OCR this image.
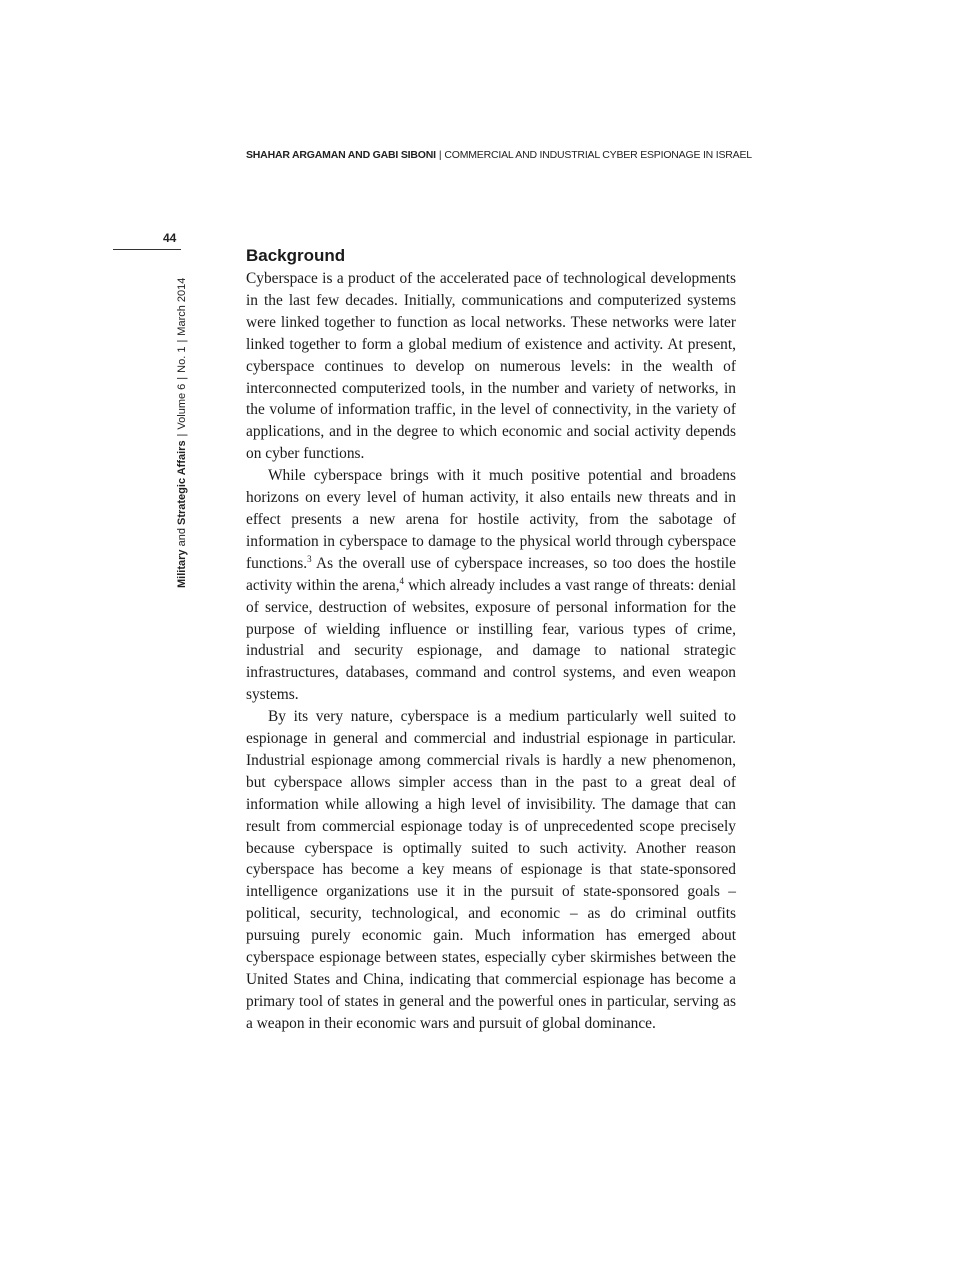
SHAHAR ARGAMAN AND GABI SIBONI | COMMERCIAL AND INDUSTRIAL CYBER ESPIONAGE IN ISRAEL
44
Military and Strategic Affairs|Volume 6|No. 1|March 2014
Background

Cyberspace is a product of the accelerated pace of technological developments in the last few decades. Initially, communications and computerized systems were linked together to function as local networks. These networks were later linked together to form a global medium of existence and activity. At present, cyberspace continues to develop on numerous levels: in the wealth of interconnected computerized tools, in the number and variety of networks, in the volume of information traffic, in the level of connectivity, in the variety of applications, and in the degree to which economic and social activity depends on cyber functions.

While cyberspace brings with it much positive potential and broadens horizons on every level of human activity, it also entails new threats and in effect presents a new arena for hostile activity, from the sabotage of information in cyberspace to damage to the physical world through cyberspace functions.$^3$ As the overall use of cyberspace increases, so too does the hostile activity within the arena,$^4$ which already includes a vast range of threats: denial of service, destruction of websites, exposure of personal information for the purpose of wielding influence or instilling fear, various types of crime, industrial and security espionage, and damage to national strategic infrastructures, databases, command and control systems, and even weapon systems.

By its very nature, cyberspace is a medium particularly well suited to espionage in general and commercial and industrial espionage in particular. Industrial espionage among commercial rivals is hardly a new phenomenon, but cyberspace allows simpler access than in the past to a great deal of information while allowing a high level of invisibility. The damage that can result from commercial espionage today is of unprecedented scope precisely because cyberspace is optimally suited to such activity. Another reason cyberspace has become a key means of espionage is that state-sponsored intelligence organizations use it in the pursuit of state-sponsored goals – political, security, technological, and economic – as do criminal outfits pursuing purely economic gain. Much information has emerged about cyberspace espionage between states, especially cyber skirmishes between the United States and China, indicating that commercial espionage has become a primary tool of states in general and the powerful ones in particular, serving as a weapon in their economic wars and pursuit of global dominance.
